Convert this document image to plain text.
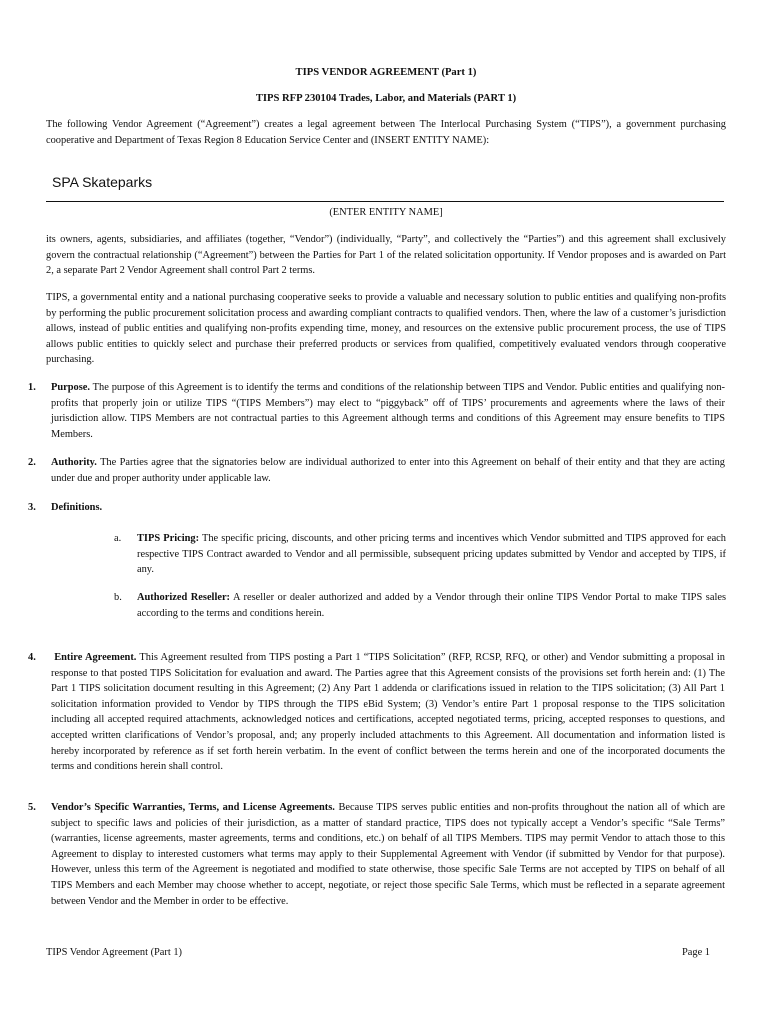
TIPS VENDOR AGREEMENT (Part 1)
TIPS RFP 230104 Trades, Labor, and Materials (PART 1)
The following Vendor Agreement (“Agreement”) creates a legal agreement between The Interlocal Purchasing System (“TIPS”), a government purchasing cooperative and Department of Texas Region 8 Education Service Center and (INSERT ENTITY NAME):
SPA Skateparks
(ENTER ENTITY NAME]
its owners, agents, subsidiaries, and affiliates (together, “Vendor”) (individually, “Party”, and collectively the “Parties”) and this agreement shall exclusively govern the contractual relationship (“Agreement”) between the Parties for Part 1 of the related solicitation opportunity. If Vendor proposes and is awarded on Part 2, a separate Part 2 Vendor Agreement shall control Part 2 terms.
TIPS, a governmental entity and a national purchasing cooperative seeks to provide a valuable and necessary solution to public entities and qualifying non-profits by performing the public procurement solicitation process and awarding compliant contracts to qualified vendors. Then, where the law of a customer’s jurisdiction allows, instead of public entities and qualifying non-profits expending time, money, and resources on the extensive public procurement process, the use of TIPS allows public entities to quickly select and purchase their preferred products or services from qualified, competitively evaluated vendors through cooperative purchasing.
1. Purpose. The purpose of this Agreement is to identify the terms and conditions of the relationship between TIPS and Vendor. Public entities and qualifying non-profits that properly join or utilize TIPS “(TIPS Members”) may elect to “piggyback” off of TIPS’ procurements and agreements where the laws of their jurisdiction allow. TIPS Members are not contractual parties to this Agreement although terms and conditions of this Agreement may ensure benefits to TIPS Members.
2. Authority. The Parties agree that the signatories below are individual authorized to enter into this Agreement on behalf of their entity and that they are acting under due and proper authority under applicable law.
3. Definitions.
a. TIPS Pricing: The specific pricing, discounts, and other pricing terms and incentives which Vendor submitted and TIPS approved for each respective TIPS Contract awarded to Vendor and all permissible, subsequent pricing updates submitted by Vendor and accepted by TIPS, if any.
b. Authorized Reseller: A reseller or dealer authorized and added by a Vendor through their online TIPS Vendor Portal to make TIPS sales according to the terms and conditions herein.
4.	Entire Agreement. This Agreement resulted from TIPS posting a Part 1 “TIPS Solicitation” (RFP, RCSP, RFQ, or other) and Vendor submitting a proposal in response to that posted TIPS Solicitation for evaluation and award. The Parties agree that this Agreement consists of the provisions set forth herein and: (1) The Part 1 TIPS solicitation document resulting in this Agreement; (2) Any Part 1 addenda or clarifications issued in relation to the TIPS solicitation; (3) All Part 1 solicitation information provided to Vendor by TIPS through the TIPS eBid System; (3) Vendor’s entire Part 1 proposal response to the TIPS solicitation including all accepted required attachments, acknowledged notices and certifications, accepted negotiated terms, pricing, accepted responses to questions, and accepted written clarifications of Vendor’s proposal, and; any properly included attachments to this Agreement. All documentation and information listed is hereby incorporated by reference as if set forth herein verbatim. In the event of conflict between the terms herein and one of the incorporated documents the terms and conditions herein shall control.
5. Vendor’s Specific Warranties, Terms, and License Agreements. Because TIPS serves public entities and non-profits throughout the nation all of which are subject to specific laws and policies of their jurisdiction, as a matter of standard practice, TIPS does not typically accept a Vendor’s specific “Sale Terms” (warranties, license agreements, master agreements, terms and conditions, etc.) on behalf of all TIPS Members. TIPS may permit Vendor to attach those to this Agreement to display to interested customers what terms may apply to their Supplemental Agreement with Vendor (if submitted by Vendor for that purpose). However, unless this term of the Agreement is negotiated and modified to state otherwise, those specific Sale Terms are not accepted by TIPS on behalf of all TIPS Members and each Member may choose whether to accept, negotiate, or reject those specific Sale Terms, which must be reflected in a separate agreement between Vendor and the Member in order to be effective.
TIPS Vendor Agreement (Part 1)	Page 1
